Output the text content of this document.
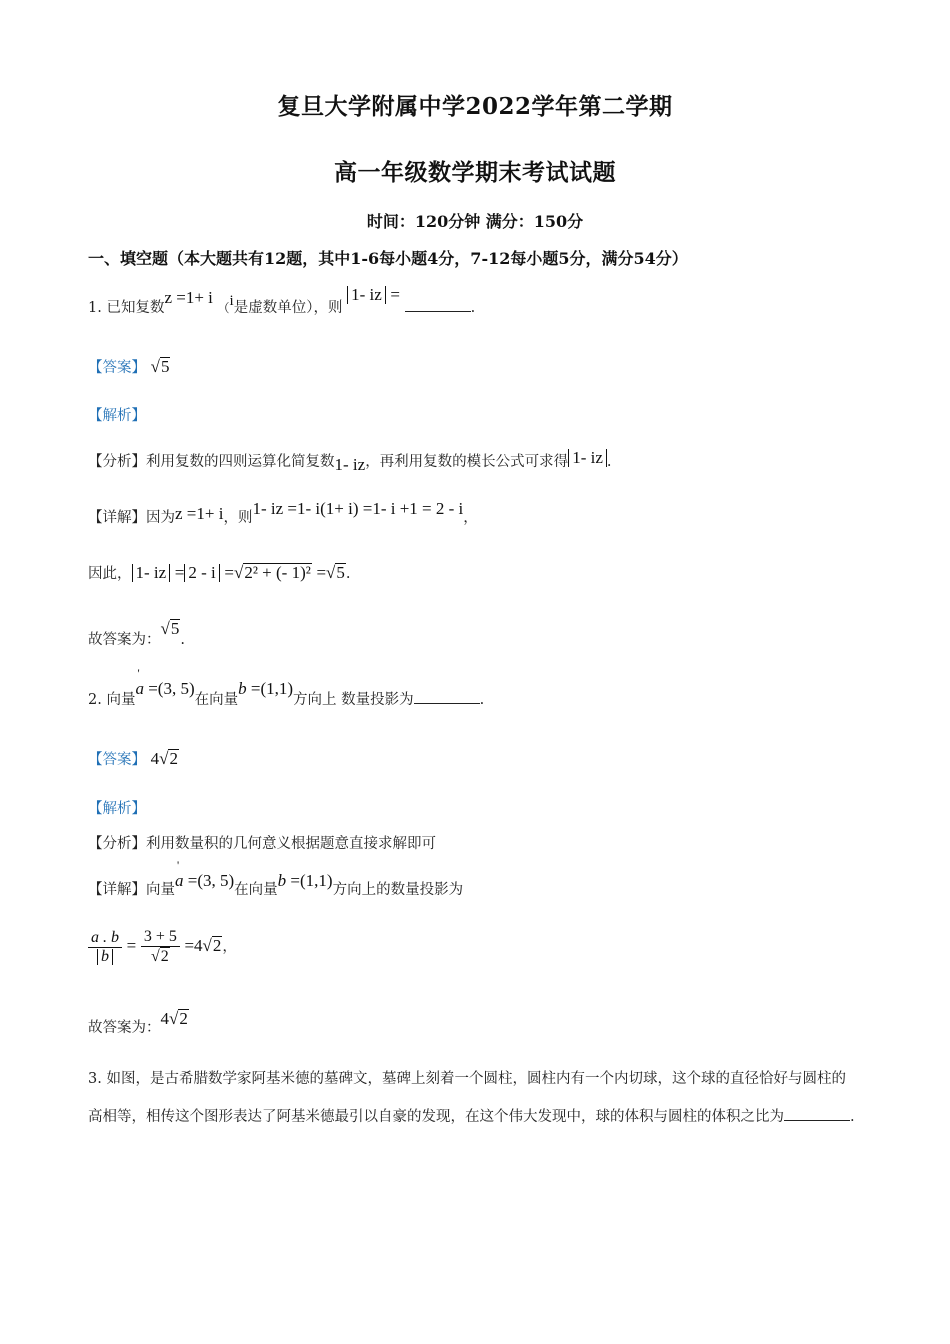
复旦大学附属中学2022学年第二学期
高一年级数学期末考试试题
时间：120分钟 满分：150分
一、填空题（本大题共有12题，其中1-6每小题4分，7-12每小题5分，满分54分）
1. 已知复数z =1+ i （i是虚数单位），则 1- iz = .
【答案】 √5
【解析】
【分析】利用复数的四则运算化简复数1- iz，再利用复数的模长公式可求得 1- iz .
【详解】因为z =1+ i，则1- iz =1- i(1+ i) =1- i +1 = 2 - i，
因此， 1- iz = 2 - i =√2² + (- 1)² =√5.
故答案为：√5.
2. 向量' a =(3, 5)在向量b =(1,1)方向上 数量投影为	.
【答案】 4√2
【解析】
【分析】利用数量积的几何意义根据题意直接求解即可
【详解】向量' a =(3, 5)在向量b =(1,1)方向上的数量投影为
$\frac{a . b}{b} = \frac{3 + 5}{√2} =4√2$，
故答案为：4√2
3. 如图，是古希腊数学家阿基米德的墓碑文，墓碑上刻着一个圆柱，圆柱内有一个内切球，这个球的直径恰好与圆柱的高相等，相传这个图形表达了阿基米德最引以自豪的发现，在这个伟大发现中，球的体积与圆柱的体积之比为	.
